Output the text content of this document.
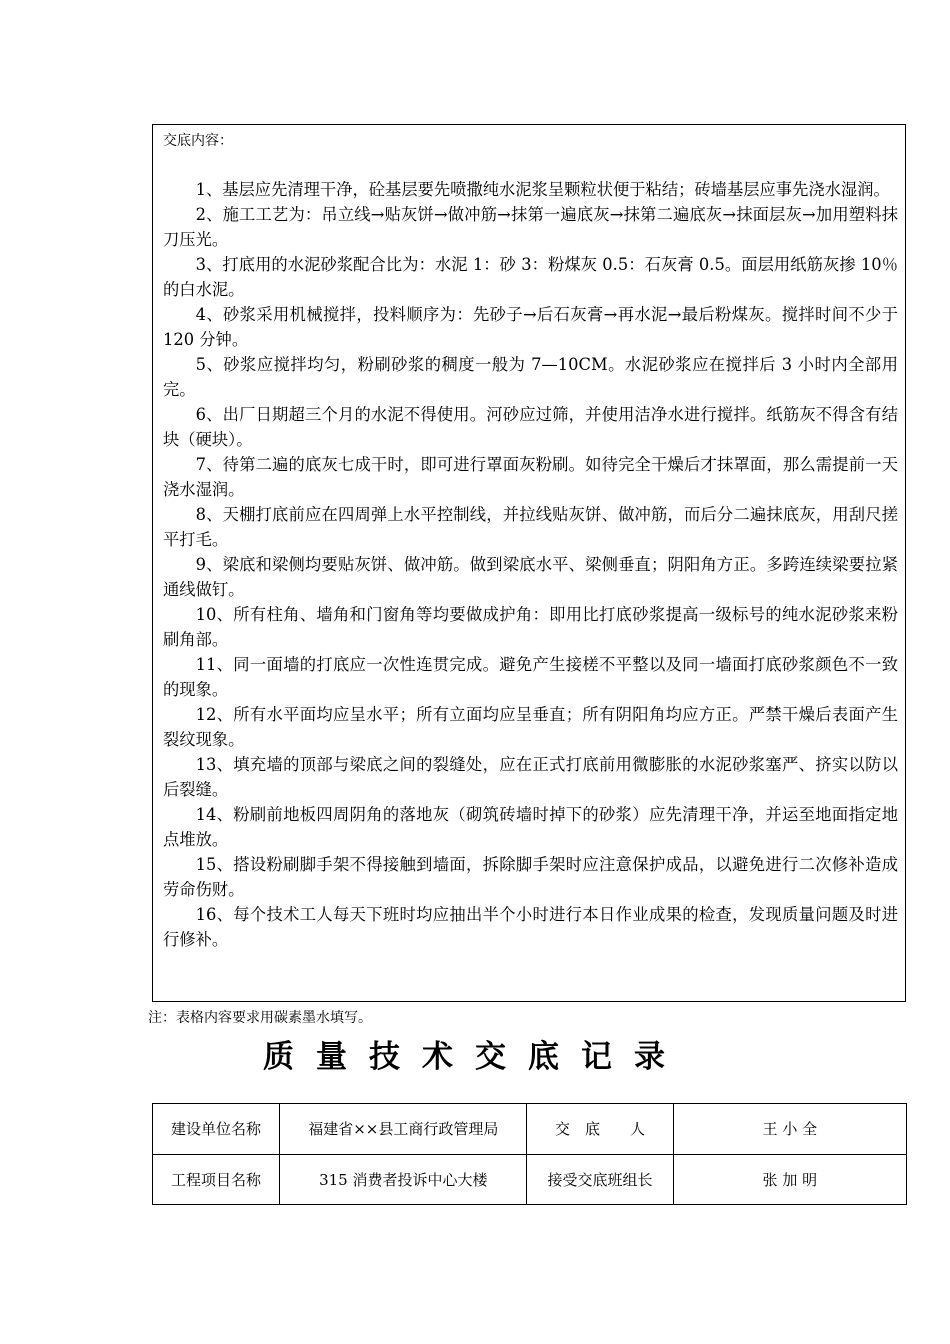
交底内容：

1、基层应先清理干净，砼基层要先喷撒纯水泥浆呈颗粒状便于粘结；砖墙基层应事先浇水湿润。

2、施工工艺为：吊立线→贴灰饼→做冲筋→抹第一遍底灰→抹第二遍底灰→抹面层灰→加用塑料抹刀压光。

3、打底用的水泥砂浆配合比为：水泥 1：砂 3：粉煤灰 0.5：石灰膏 0.5。面层用纸筋灰掺 10％的白水泥。

4、砂浆采用机械搅拌，投料顺序为：先砂子→后石灰膏→再水泥→最后粉煤灰。搅拌时间不少于 120 分钟。

5、砂浆应搅拌均匀，粉刷砂浆的稠度一般为 7—10CM。水泥砂浆应在搅拌后 3 小时内全部用完。

6、出厂日期超三个月的水泥不得使用。河砂应过筛，并使用洁净水进行搅拌。纸筋灰不得含有结块（硬块）。

7、待第二遍的底灰七成干时，即可进行罩面灰粉刷。如待完全干燥后才抹罩面，那么需提前一天浇水湿润。

8、天棚打底前应在四周弹上水平控制线，并拉线贴灰饼、做冲筋，而后分二遍抹底灰，用刮尺搓平打毛。

9、梁底和梁侧均要贴灰饼、做冲筋。做到梁底水平、梁侧垂直；阴阳角方正。多跨连续梁要拉紧通线做钉。

10、所有柱角、墙角和门窗角等均要做成护角：即用比打底砂浆提高一级标号的纯水泥砂浆来粉刷角部。

11、同一面墙的打底应一次性连贯完成。避免产生接槎不平整以及同一墙面打底砂浆颜色不一致的现象。

12、所有水平面均应呈水平；所有立面均应呈垂直；所有阴阳角均应方正。严禁干燥后表面产生裂纹现象。

13、填充墙的顶部与梁底之间的裂缝处，应在正式打底前用微膨胀的水泥砂浆塞严、挤实以防以后裂缝。

14、粉刷前地板四周阴角的落地灰（砌筑砖墙时掉下的砂浆）应先清理干净，并运至地面指定地点堆放。

15、搭设粉刷脚手架不得接触到墙面，拆除脚手架时应注意保护成品，以避免进行二次修补造成劳命伤财。

16、每个技术工人每天下班时均应抽出半个小时进行本日作业成果的检查，发现质量问题及时进行修补。

注：表格内容要求用碳素墨水填写。
质量技术交底记录
建设单位名称	福建省××县工商行政管理局	交　底　　人	王 小 全
工程项目名称	315 消费者投诉中心大楼	接受交底班组长	张 加 明
